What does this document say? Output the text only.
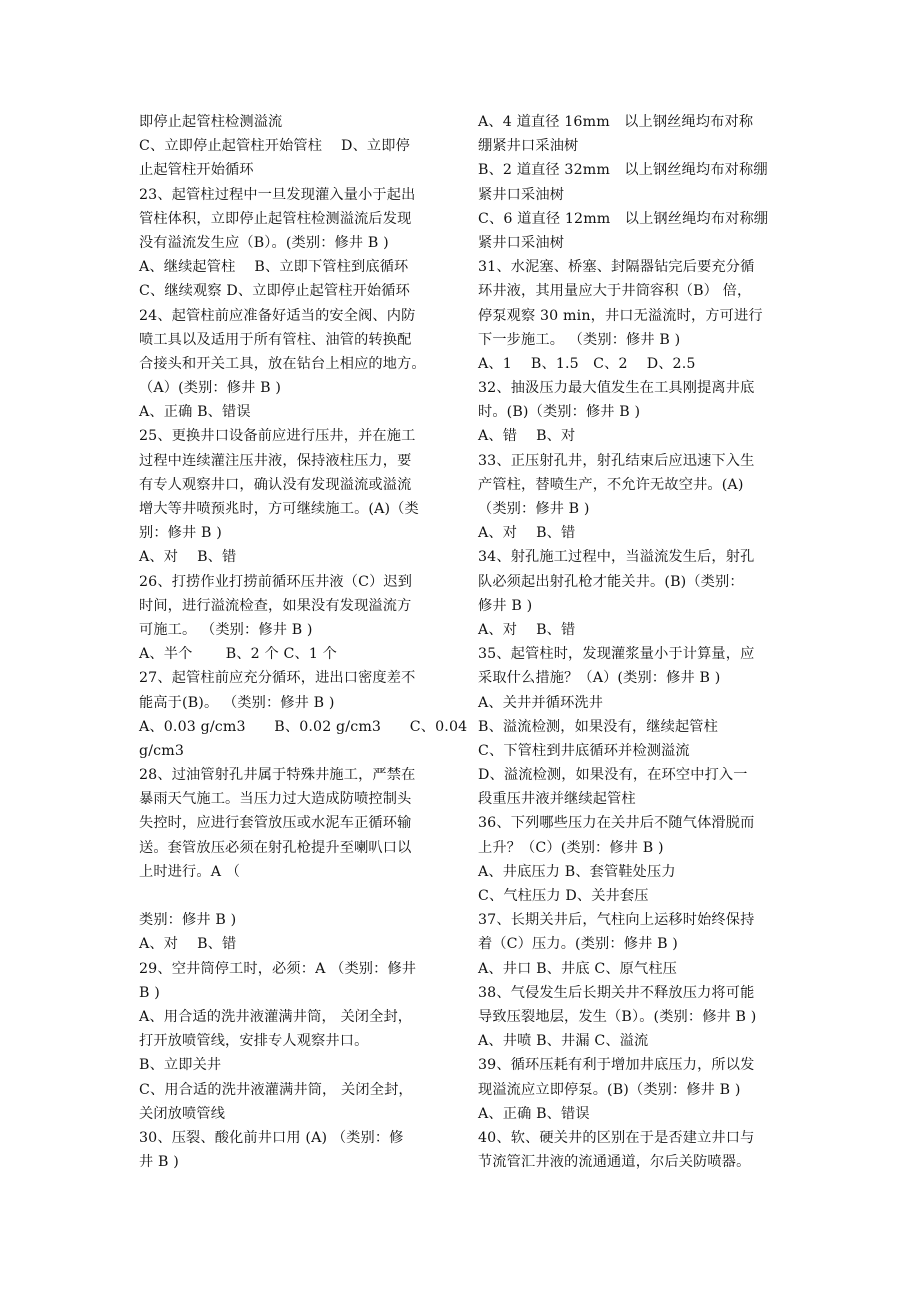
即停止起管柱检测溢流
C、立即停止起管柱开始管柱　 D、立即停
止起管柱开始循环
23、起管柱过程中一旦发现灌入量小于起出
管柱体积，立即停止起管柱检测溢流后发现
没有溢流发生应（B）。(类别：修井 B )
A、继续起管柱　 B、立即下管柱到底循环
C、继续观察 D、立即停止起管柱开始循环
24、起管柱前应准备好适当的安全阀、内防
喷工具以及适用于所有管柱、油管的转换配
合接头和开关工具，放在钻台上相应的地方。
（A）(类别：修井 B )
A、正确 B、错误
25、更换井口设备前应进行压井，并在施工
过程中连续灌注压井液，保持液柱压力，要
有专人观察井口，确认没有发现溢流或溢流
增大等井喷预兆时，方可继续施工。(A)（类
别：修井 B )
A、对　 B、错
26、打捞作业打捞前循环压井液（C）迟到
时间，进行溢流检查，如果没有发现溢流方
可施工。 （类别：修井 B )
A、半个　　 B、2 个 C、1 个
27、起管柱前应充分循环，进出口密度差不
能高于(B)。 （类别：修井 B )
A、0.03 g/cm3　　B、0.02 g/cm3　　C、0.04
g/cm3
28、过油管射孔井属于特殊井施工，严禁在
暴雨天气施工。当压力过大造成防喷控制头
失控时，应进行套管放压或水泥车正循环输
送。套管放压必须在射孔枪提升至喇叭口以
上时进行。A （
类别：修井 B )
A、对　 B、错
29、空井筒停工时，必须：A （类别：修井
B )
A、用合适的洗井液灌满井筒， 关闭全封，
打开放喷管线，安排专人观察井口。
B、立即关井
C、用合适的洗井液灌满井筒， 关闭全封，
关闭放喷管线
30、压裂、酸化前井口用 (A) （类别：修
井 B )
A、4 道直径 16mm　以上钢丝绳均布对称
绷紧井口采油树
B、2 道直径 32mm　以上钢丝绳均布对称绷
紧井口采油树
C、6 道直径 12mm　以上钢丝绳均布对称绷
紧井口采油树
31、水泥塞、桥塞、封隔器钻完后要充分循
环井液，其用量应大于井筒容积（B） 倍，
停泵观察 30 min，井口无溢流时，方可进行
下一步施工。 （类别：修井 B )
A、1　 B、1.5　C、2　 D、2.5
32、抽汲压力最大值发生在工具刚提离井底
时。(B)（类别：修井 B )
A、错　 B、对
33、正压射孔井，射孔结束后应迅速下入生
产管柱，替喷生产，不允许无故空井。(A)
（类别：修井 B )
A、对　 B、错
34、射孔施工过程中，当溢流发生后，射孔
队必须起出射孔枪才能关井。(B)（类别：
修井 B )
A、对　 B、错
35、起管柱时，发现灌浆量小于计算量，应
采取什么措施？（A）(类别：修井 B )
A、关井并循环洗井
B、溢流检测，如果没有，继续起管柱
C、下管柱到井底循环并检测溢流
D、溢流检测，如果没有，在环空中打入一
段重压井液并继续起管柱
36、下列哪些压力在关井后不随气体滑脱而
上升？（C）(类别：修井 B )
A、井底压力 B、套管鞋处压力
C、气柱压力 D、关井套压
37、长期关井后，气柱向上运移时始终保持
着（C）压力。(类别：修井 B )
A、井口 B、井底 C、原气柱压
38、气侵发生后长期关井不释放压力将可能
导致压裂地层，发生（B）。(类别：修井 B )
A、井喷 B、井漏 C、溢流
39、循环压耗有利于增加井底压力，所以发
现溢流应立即停泵。(B)（类别：修井 B )
A、正确 B、错误
40、软、硬关井的区别在于是否建立井口与
节流管汇井液的流通通道，尔后关防喷器。
